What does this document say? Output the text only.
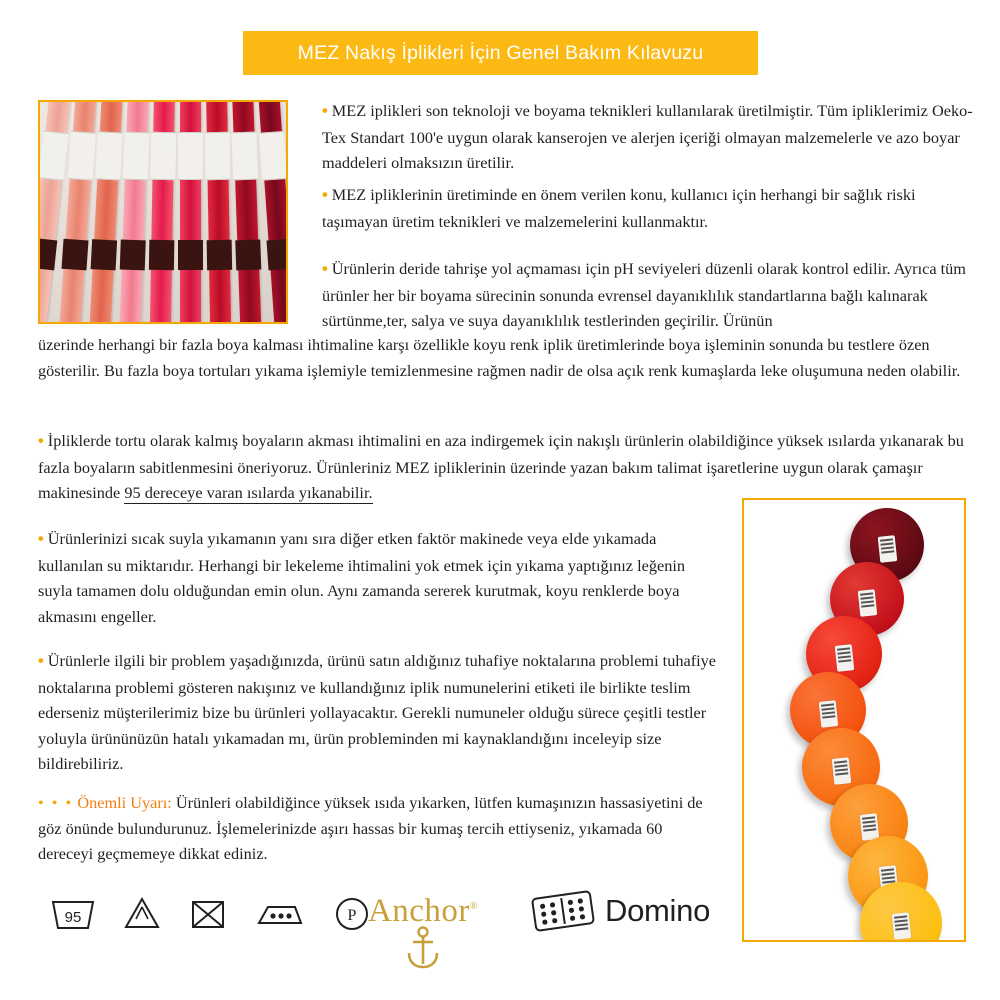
MEZ Nakış İplikleri İçin Genel Bakım Kılavuzu
• MEZ iplikleri son teknoloji ve boyama teknikleri kullanılarak üretilmiştir. Tüm ipliklerimiz Oeko-Tex Standart 100'e uygun olarak kanserojen ve alerjen içeriği olmayan malzemelerle ve azo boyar maddeleri olmaksızın üretilir.
• MEZ ipliklerinin üretiminde en önem verilen konu, kullanıcı için herhangi bir sağlık riski taşımayan üretim teknikleri ve malzemelerini kullanmaktır.
• Ürünlerin deride tahrişe yol açmaması için pH seviyeleri düzenli olarak kontrol edilir. Ayrıca tüm ürünler her bir boyama sürecinin sonunda evrensel dayanıklılık standartlarına bağlı kalınarak sürtünme,ter, salya ve suya dayanıklılık testlerinden geçirilir. Ürünün
üzerinde herhangi bir fazla boya kalması ihtimaline karşı özellikle koyu renk iplik üretimlerinde boya işleminin sonunda bu testlere özen gösterilir. Bu fazla boya tortuları yıkama işlemiyle temizlenmesine rağmen nadir de olsa açık renk kumaşlarda leke oluşumuna neden olabilir.
• İpliklerde tortu olarak kalmış boyaların akması ihtimalini en aza indirgemek için nakışlı ürünlerin olabildiğince yüksek ısılarda yıkanarak bu fazla boyaların sabitlenmesini öneriyoruz. Ürünleriniz MEZ ipliklerinin üzerinde yazan bakım talimat işaretlerine uygun olarak çamaşır makinesinde 95 dereceye varan ısılarda yıkanabilir.
• Ürünlerinizi sıcak suyla yıkamanın yanı sıra diğer etken faktör makinede veya elde yıkamada kullanılan su miktarıdır. Herhangi bir lekeleme ihtimalini yok etmek için yıkama yaptığınız leğenin suyla tamamen dolu olduğundan emin olun. Aynı zamanda sererek kurutmak, koyu renklerde boya akmasını engeller.
• Ürünlerle ilgili bir problem yaşadığınızda, ürünü satın aldığınız tuhafiye noktalarına problemi tuhafiye noktalarına problemi gösteren nakışınız ve kullandığınız iplik numunelerini etiketi ile birlikte teslim ederseniz müşterilerimiz bize bu ürünleri yollayacaktır. Gerekli numuneler olduğu sürece çeşitli testler yoluyla ürününüzün hatalı yıkamadan mı, ürün probleminden mi kaynaklandığını inceleyip size bildirebiliriz.
• • • Önemli Uyarı: Ürünleri olabildiğince yüksek ısıda yıkarken, lütfen kumaşınızın hassasiyetini de göz önünde bulundurunuz. İşlemelerinizde aşırı hassas bir kumaş tercih ettiyseniz, yıkamada 60 dereceyi geçmemeye dikkat ediniz.
95	P Anchor®	Domino
